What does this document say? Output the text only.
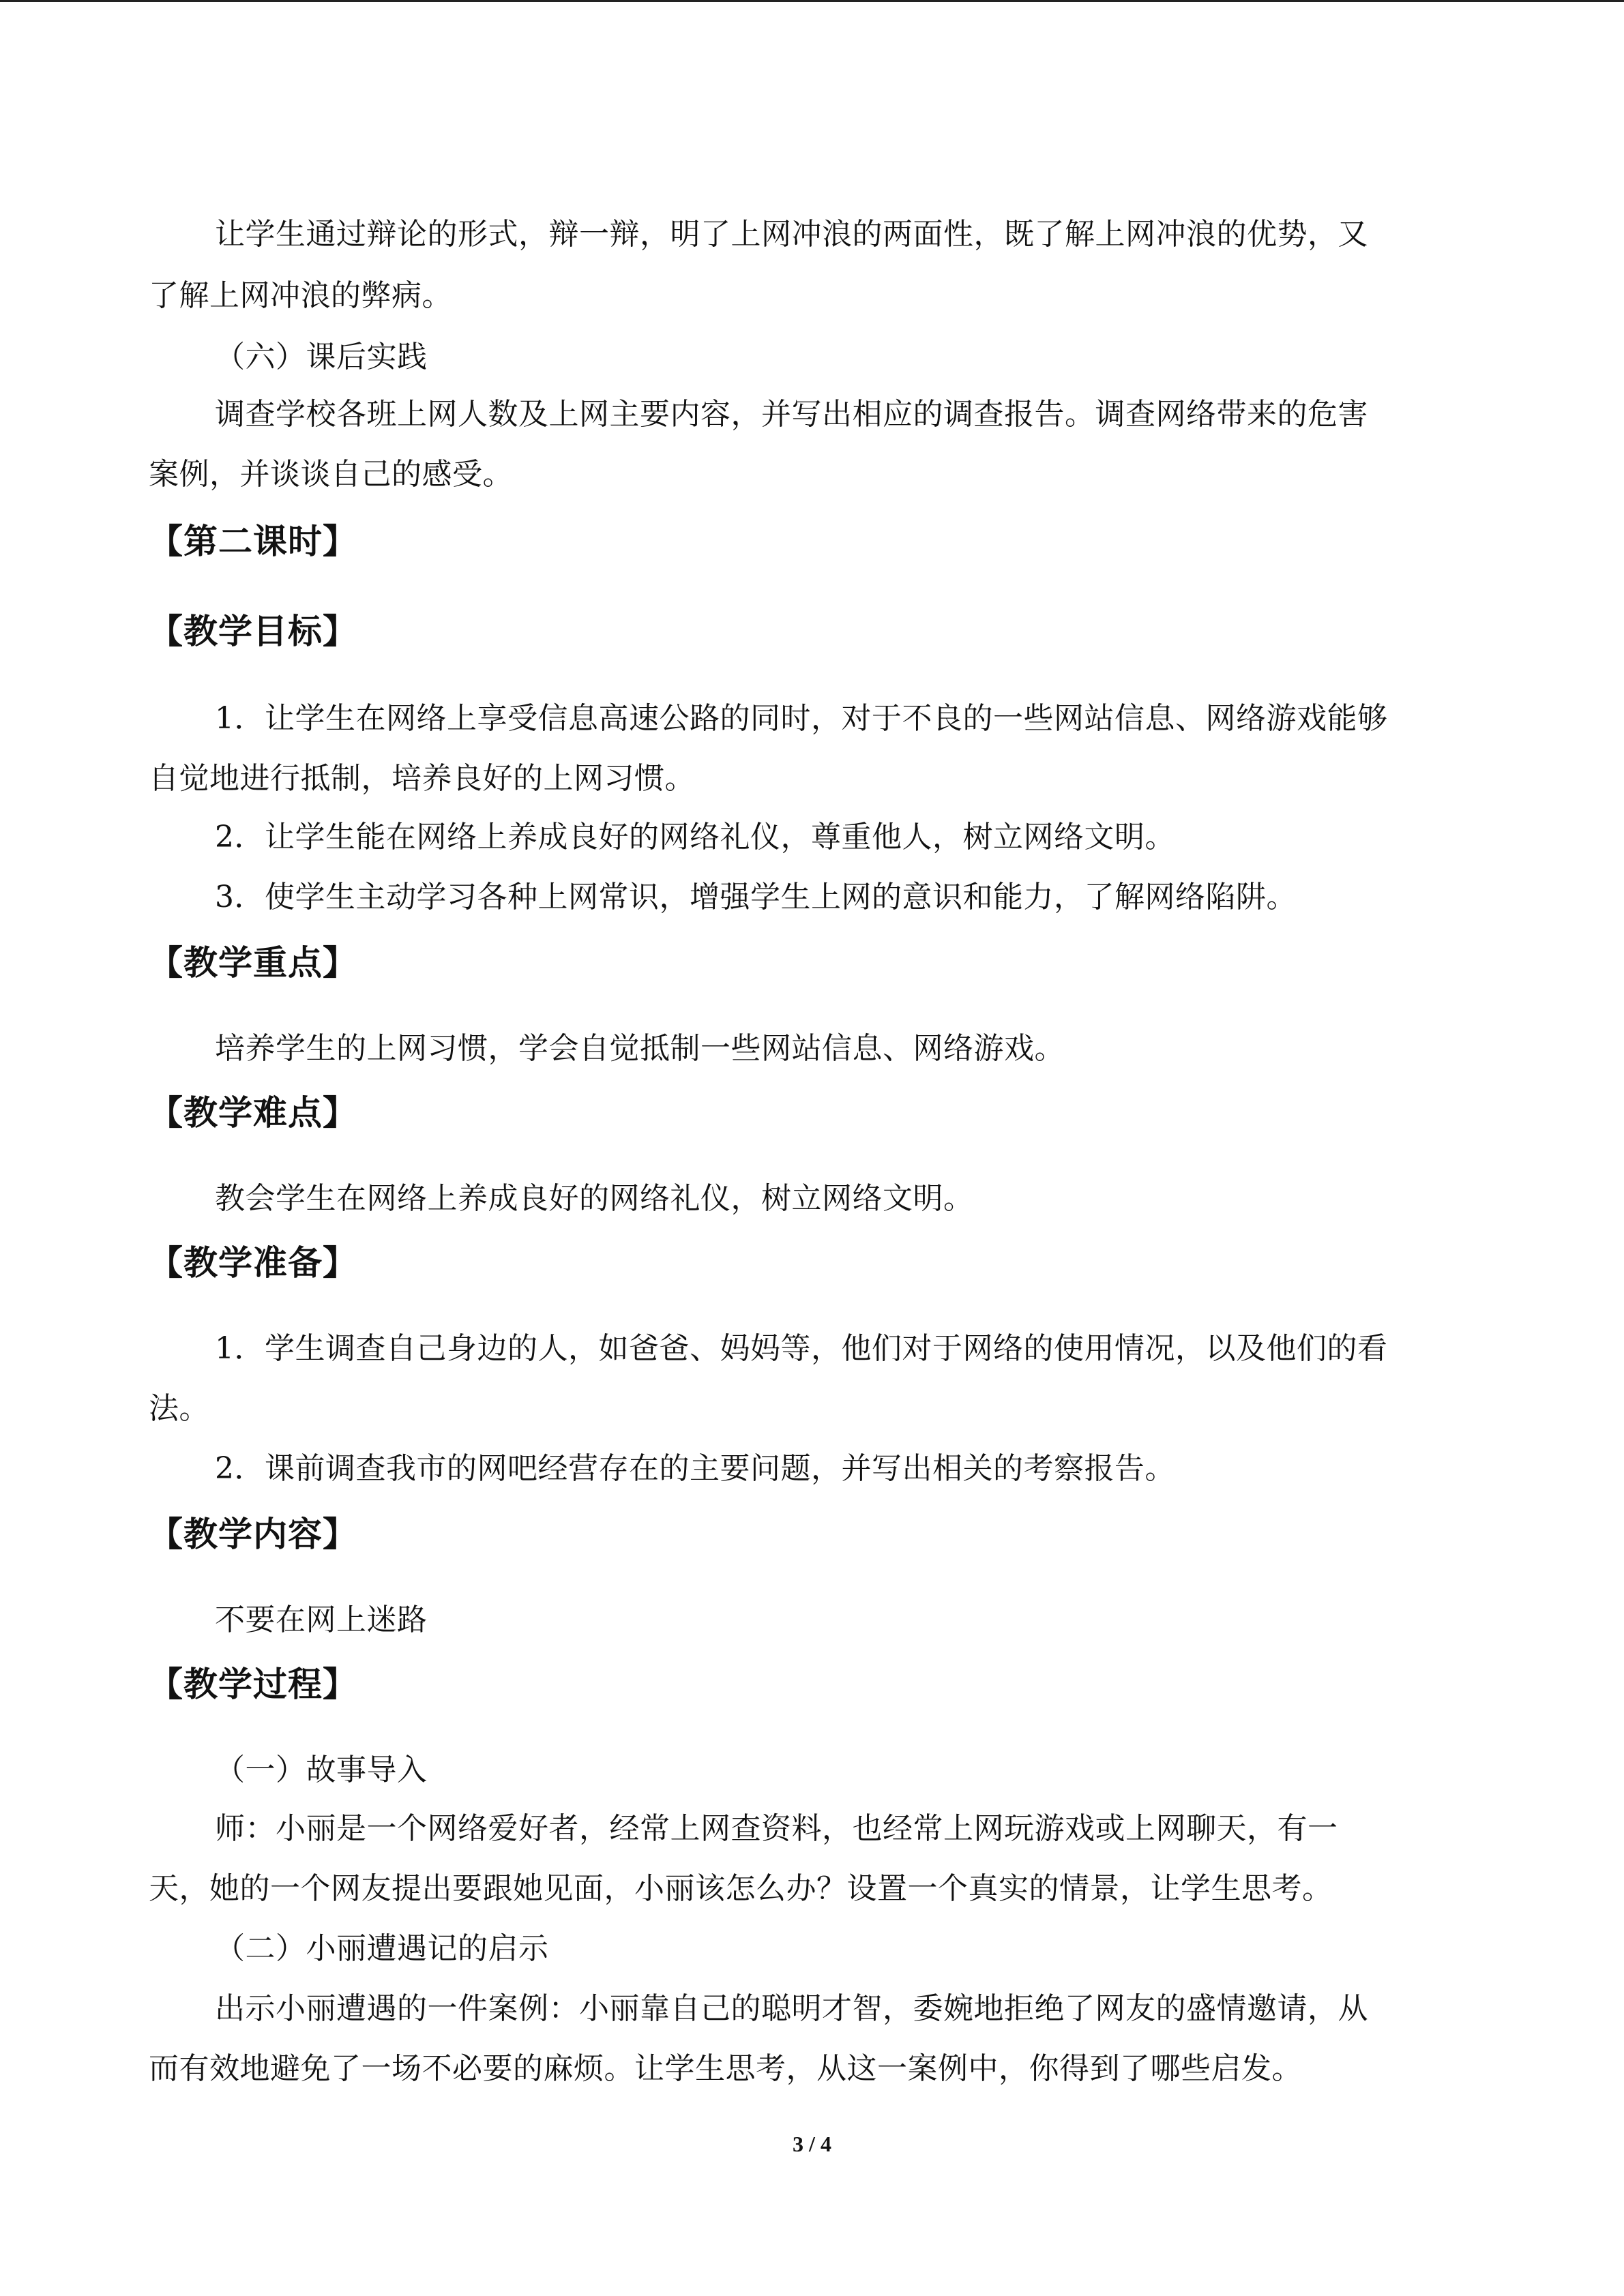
让学生通过辩论的形式，辩一辩，明了上网冲浪的两面性，既了解上网冲浪的优势，又
了解上网冲浪的弊病。
（六）课后实践
调查学校各班上网人数及上网主要内容，并写出相应的调查报告。调查网络带来的危害
案例，并谈谈自己的感受。
【第二课时】
【教学目标】
1．让学生在网络上享受信息高速公路的同时，对于不良的一些网站信息、网络游戏能够
自觉地进行抵制，培养良好的上网习惯。
2．让学生能在网络上养成良好的网络礼仪，尊重他人，树立网络文明。
3．使学生主动学习各种上网常识，增强学生上网的意识和能力，了解网络陷阱。
【教学重点】
培养学生的上网习惯，学会自觉抵制一些网站信息、网络游戏。
【教学难点】
教会学生在网络上养成良好的网络礼仪，树立网络文明。
【教学准备】
1．学生调查自己身边的人，如爸爸、妈妈等，他们对于网络的使用情况，以及他们的看
法。
2．课前调查我市的网吧经营存在的主要问题，并写出相关的考察报告。
【教学内容】
不要在网上迷路
【教学过程】
（一）故事导入
师：小丽是一个网络爱好者，经常上网查资料，也经常上网玩游戏或上网聊天，有一
天，她的一个网友提出要跟她见面，小丽该怎么办？设置一个真实的情景，让学生思考。
（二）小丽遭遇记的启示
出示小丽遭遇的一件案例：小丽靠自己的聪明才智，委婉地拒绝了网友的盛情邀请，从
而有效地避免了一场不必要的麻烦。让学生思考，从这一案例中，你得到了哪些启发。
3 / 4
